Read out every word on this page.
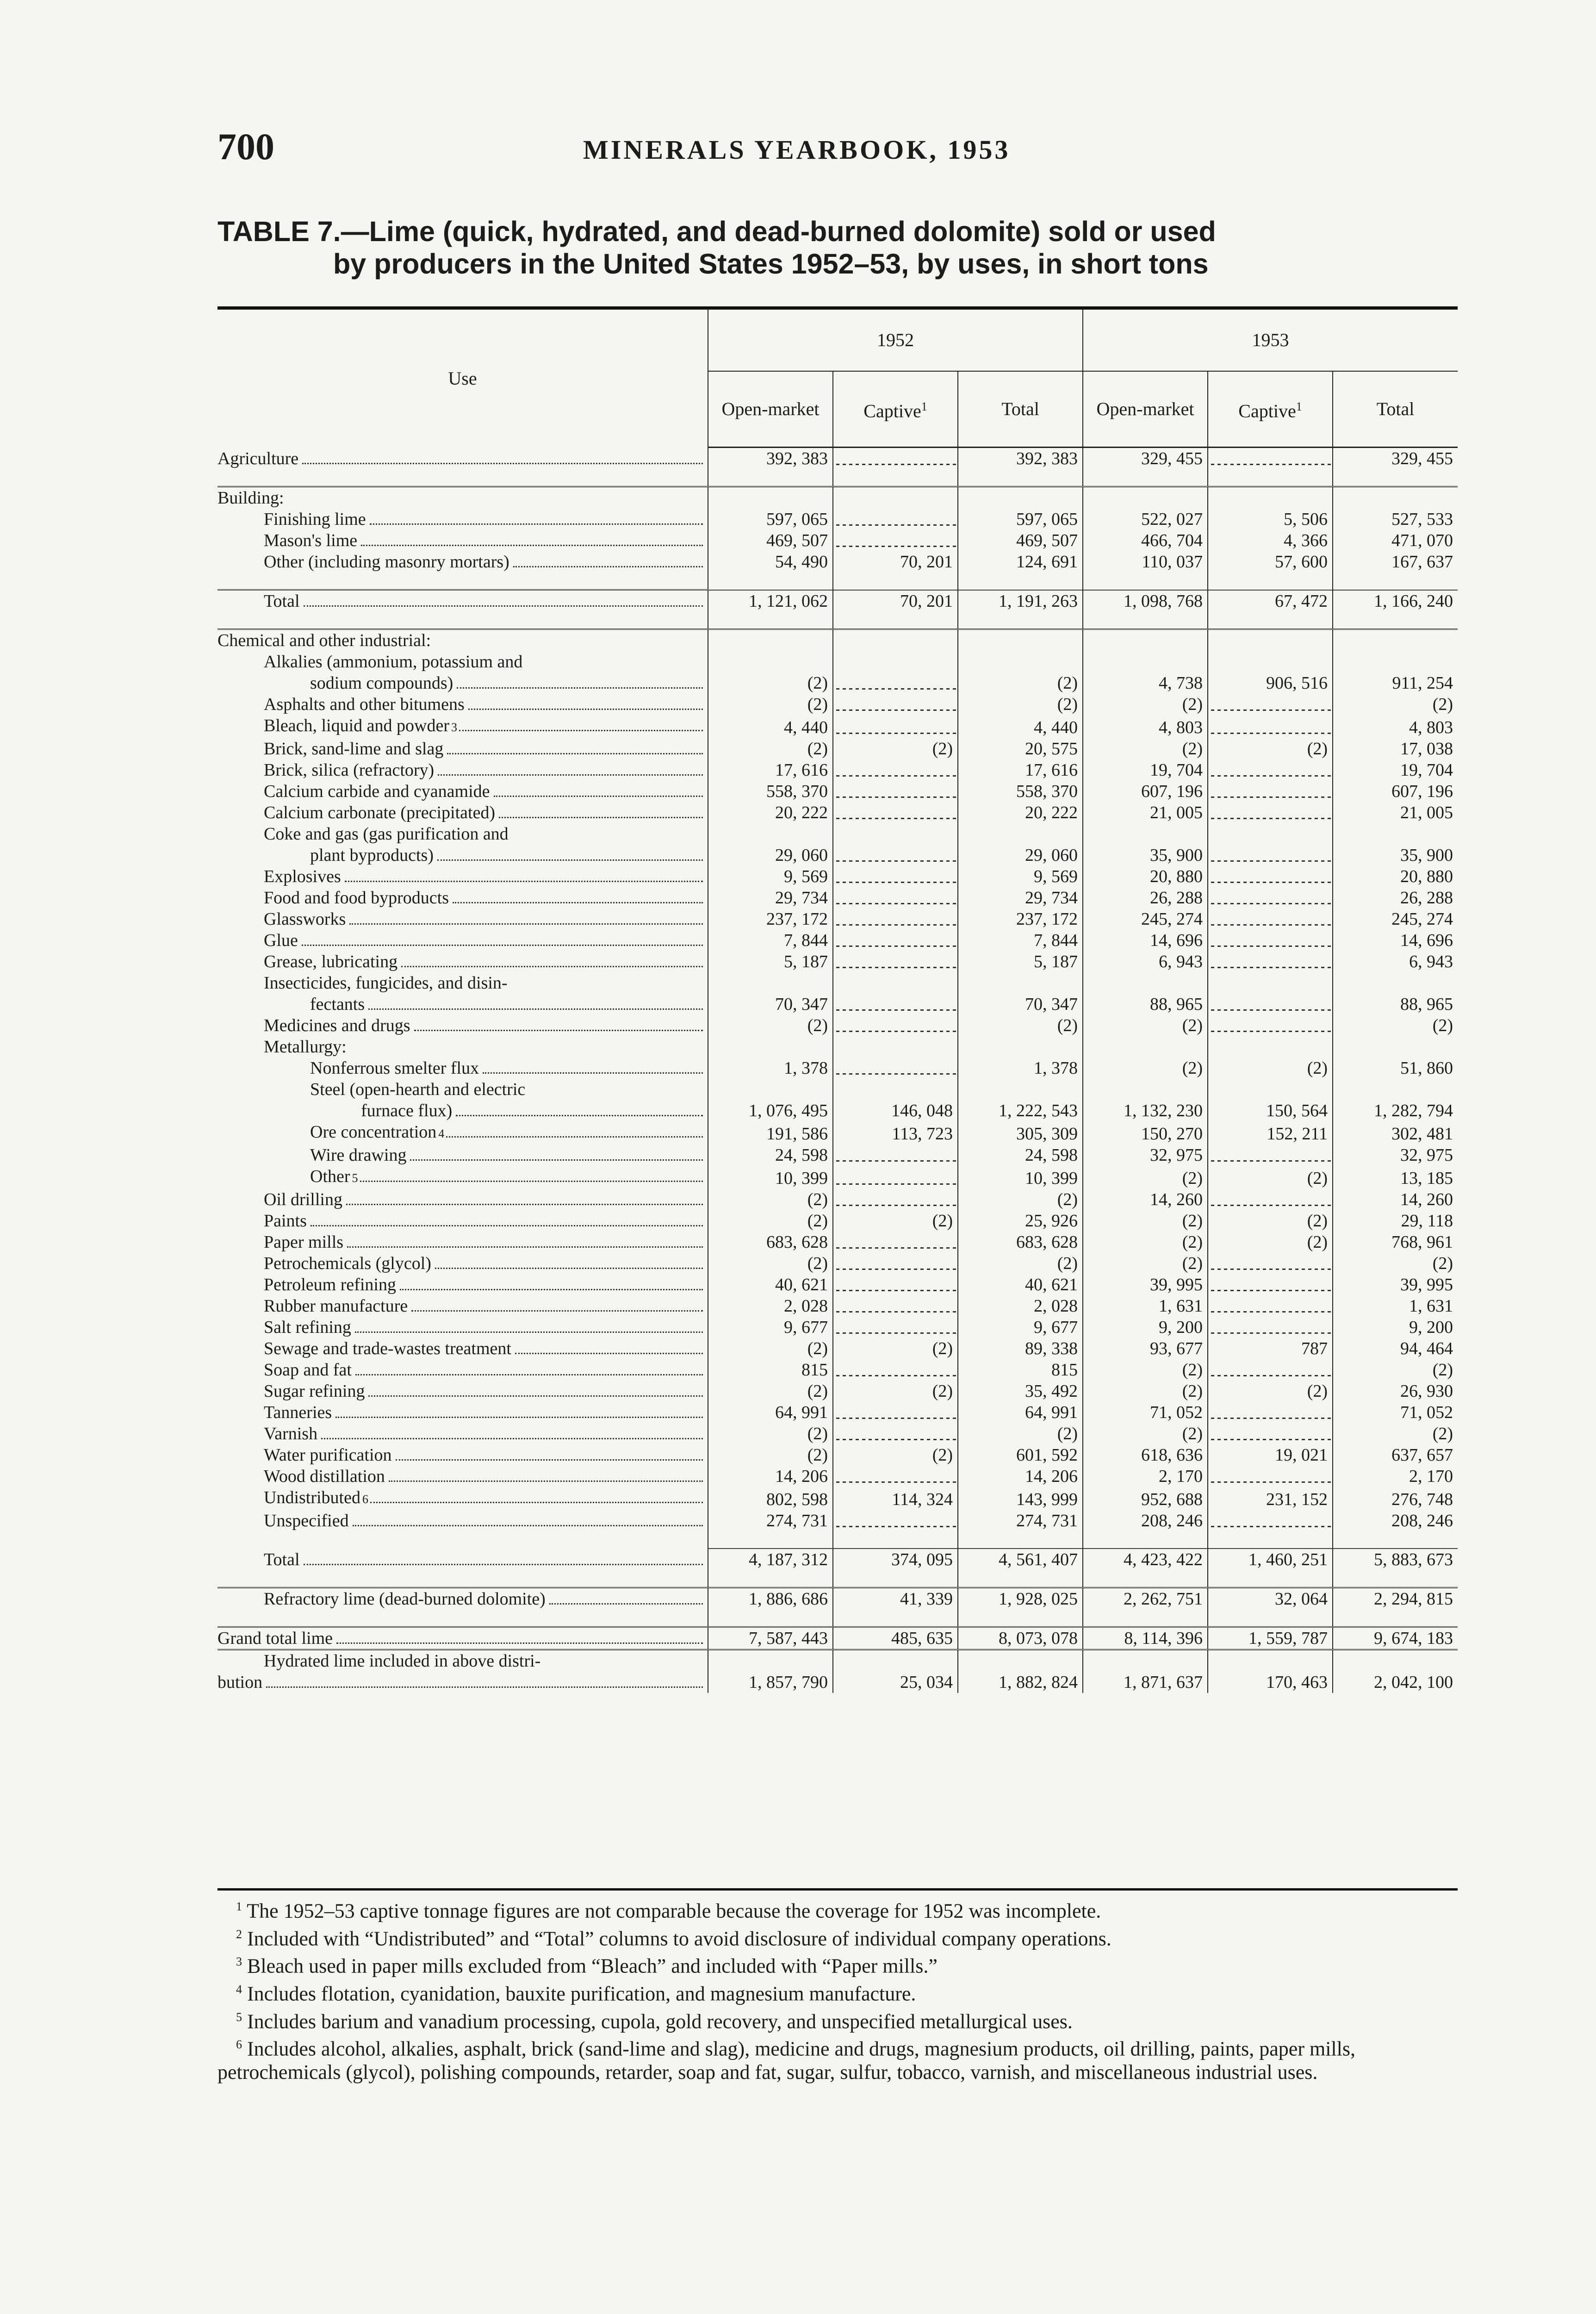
700	MINERALS YEARBOOK, 1953
TABLE 7.—Lime (quick, hydrated, and dead-burned dolomite) sold or used
by producers in the United States 1952–53, by uses, in short tons
Use	1952			1953		
	Open-market	Captive$^1$	Total	Open-market	Captive$^1$	Total

Agriculture	392, 383		392, 383	329, 455		329, 455

Building:						

Finishing lime	597, 065		597, 065	522, 027	5, 506	527, 533

Mason's lime	469, 507		469, 507	466, 704	4, 366	471, 070

Other (including masonry mortars)	54, 490	70, 201	124, 691	110, 037	57, 600	167, 637

Total	1, 121, 062	70, 201	1, 191, 263	1, 098, 768	67, 472	1, 166, 240

Chemical and other industrial:						

Alkalies (ammonium, potassium and						

sodium compounds)	(2)		(2)	4, 738	906, 516	911, 254

Asphalts and other bitumens	(2)		(2)	(2)		(2)

Bleach, liquid and powder 3	4, 440		4, 440	4, 803		4, 803

Brick, sand-lime and slag	(2)	(2)	20, 575	(2)	(2)	17, 038

Brick, silica (refractory)	17, 616		17, 616	19, 704		19, 704

Calcium carbide and cyanamide	558, 370		558, 370	607, 196		607, 196

Calcium carbonate (precipitated)	20, 222		20, 222	21, 005		21, 005

Coke and gas (gas purification and						

plant byproducts)	29, 060		29, 060	35, 900		35, 900

Explosives	9, 569		9, 569	20, 880		20, 880

Food and food byproducts	29, 734		29, 734	26, 288		26, 288

Glassworks	237, 172		237, 172	245, 274		245, 274

Glue	7, 844		7, 844	14, 696		14, 696

Grease, lubricating	5, 187		5, 187	6, 943		6, 943

Insecticides, fungicides, and disin-						

fectants	70, 347		70, 347	88, 965		88, 965

Medicines and drugs	(2)		(2)	(2)		(2)

Metallurgy:						

Nonferrous smelter flux	1, 378		1, 378	(2)	(2)	51, 860

Steel (open-hearth and electric						

furnace flux)	1, 076, 495	146, 048	1, 222, 543	1, 132, 230	150, 564	1, 282, 794

Ore concentration 4	191, 586	113, 723	305, 309	150, 270	152, 211	302, 481

Wire drawing	24, 598		24, 598	32, 975		32, 975

Other 5	10, 399		10, 399	(2)	(2)	13, 185

Oil drilling	(2)		(2)	14, 260		14, 260

Paints	(2)	(2)	25, 926	(2)	(2)	29, 118

Paper mills	683, 628		683, 628	(2)	(2)	768, 961

Petrochemicals (glycol)	(2)		(2)	(2)		(2)

Petroleum refining	40, 621		40, 621	39, 995		39, 995

Rubber manufacture	2, 028		2, 028	1, 631		1, 631

Salt refining	9, 677		9, 677	9, 200		9, 200

Sewage and trade-wastes treatment	(2)	(2)	89, 338	93, 677	787	94, 464

Soap and fat	815		815	(2)		(2)

Sugar refining	(2)	(2)	35, 492	(2)	(2)	26, 930

Tanneries	64, 991		64, 991	71, 052		71, 052

Varnish	(2)		(2)	(2)		(2)

Water purification	(2)	(2)	601, 592	618, 636	19, 021	637, 657

Wood distillation	14, 206		14, 206	2, 170		2, 170

Undistributed 6	802, 598	114, 324	143, 999	952, 688	231, 152	276, 748

Unspecified	274, 731		274, 731	208, 246		208, 246

Total	4, 187, 312	374, 095	4, 561, 407	4, 423, 422	1, 460, 251	5, 883, 673

Refractory lime (dead-burned dolomite)	1, 886, 686	41, 339	1, 928, 025	2, 262, 751	32, 064	2, 294, 815

Grand total lime	7, 587, 443	485, 635	8, 073, 078	8, 114, 396	1, 559, 787	9, 674, 183

Hydrated lime included in above distri-						

bution	1, 857, 790	25, 034	1, 882, 824	1, 871, 637	170, 463	2, 042, 100

$^1$ The 1952–53 captive tonnage figures are not comparable because the coverage for 1952 was incomplete.

$^2$ Included with “Undistributed” and “Total” columns to avoid disclosure of individual company operations.

$^3$ Bleach used in paper mills excluded from “Bleach” and included with “Paper mills.”

$^4$ Includes flotation, cyanidation, bauxite purification, and magnesium manufacture.

$^5$ Includes barium and vanadium processing, cupola, gold recovery, and unspecified metallurgical uses.

$^6$ Includes alcohol, alkalies, asphalt, brick (sand-lime and slag), medicine and drugs, magnesium products, oil drilling, paints, paper mills, petrochemicals (glycol), polishing compounds, retarder, soap and fat, sugar, sulfur, tobacco, varnish, and miscellaneous industrial uses.
